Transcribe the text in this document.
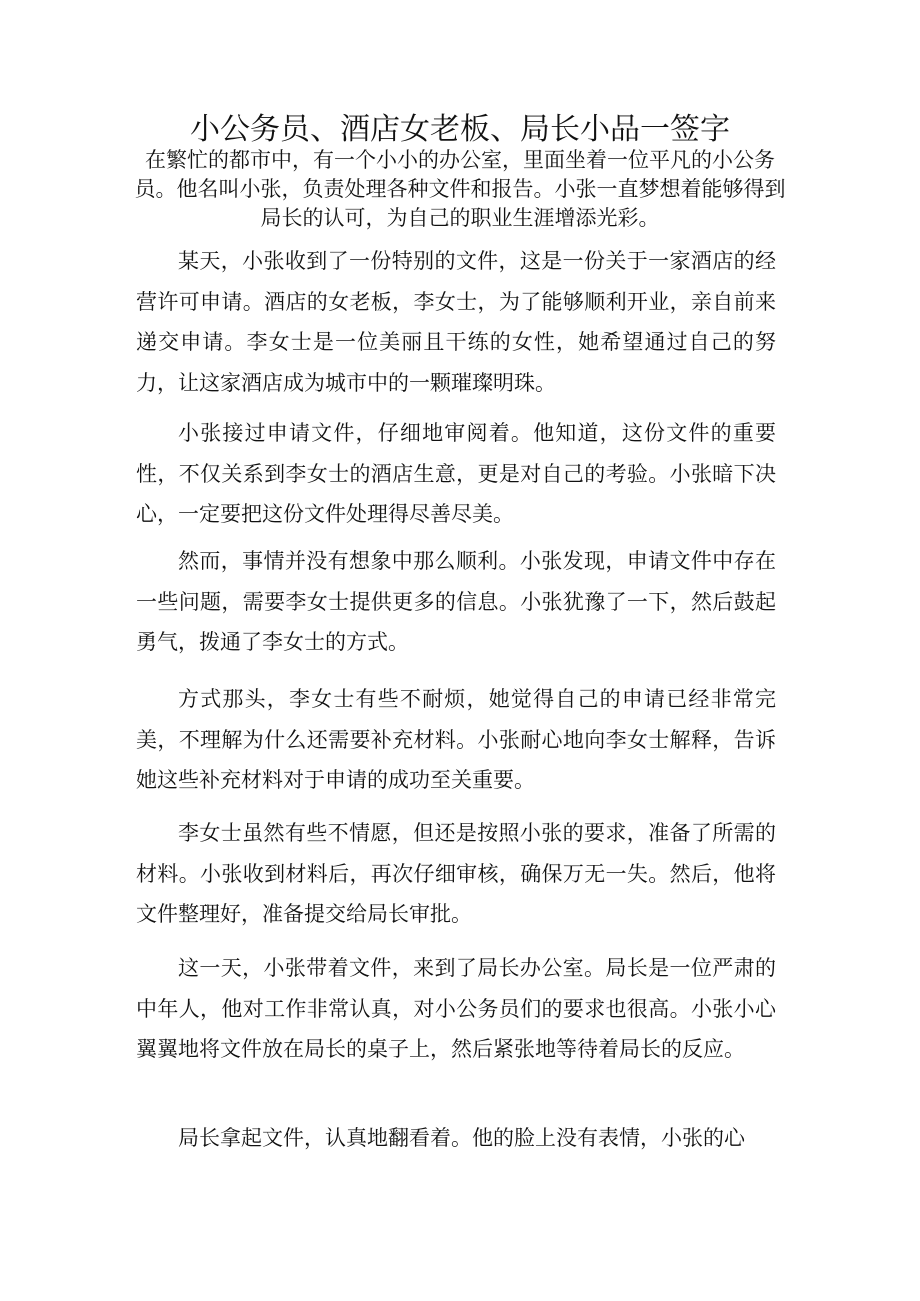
小公务员、酒店女老板、局长小品一签字

在繁忙的都市中，有一个小小的办公室，里面坐着一位平凡的小公务员。他名叫小张，负责处理各种文件和报告。小张一直梦想着能够得到局长的认可，为自己的职业生涯增添光彩。

某天，小张收到了一份特别的文件，这是一份关于一家酒店的经营许可申请。酒店的女老板，李女士，为了能够顺利开业，亲自前来递交申请。李女士是一位美丽且干练的女性，她希望通过自己的努力，让这家酒店成为城市中的一颗璀璨明珠。

小张接过申请文件，仔细地审阅着。他知道，这份文件的重要性，不仅关系到李女士的酒店生意，更是对自己的考验。小张暗下决心，一定要把这份文件处理得尽善尽美。

然而，事情并没有想象中那么顺利。小张发现，申请文件中存在一些问题，需要李女士提供更多的信息。小张犹豫了一下，然后鼓起勇气，拨通了李女士的方式。

方式那头，李女士有些不耐烦，她觉得自己的申请已经非常完美，不理解为什么还需要补充材料。小张耐心地向李女士解释，告诉她这些补充材料对于申请的成功至关重要。

李女士虽然有些不情愿，但还是按照小张的要求，准备了所需的材料。小张收到材料后，再次仔细审核，确保万无一失。然后，他将文件整理好，准备提交给局长审批。

这一天，小张带着文件，来到了局长办公室。局长是一位严肃的中年人，他对工作非常认真，对小公务员们的要求也很高。小张小心翼翼地将文件放在局长的桌子上，然后紧张地等待着局长的反应。

局长拿起文件，认真地翻看着。他的脸上没有表情，小张的心
